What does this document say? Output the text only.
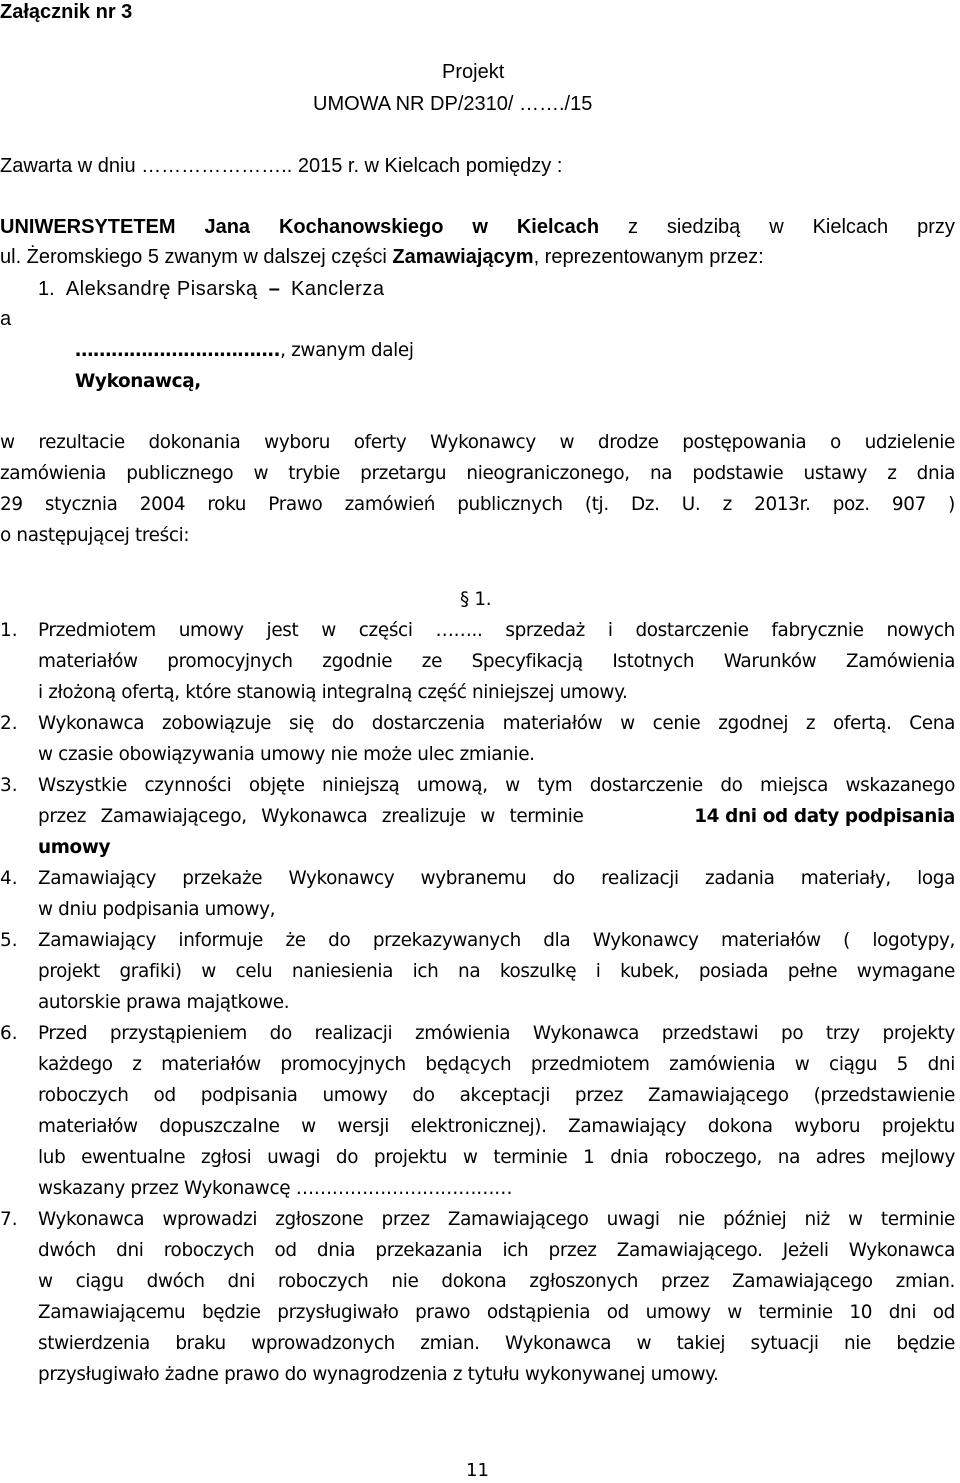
Załącznik nr 3
Projekt
UMOWA NR DP/2310/ ……./15
Zawarta w dniu ………………….. 2015 r. w Kielcach pomiędzy :
UNIWERSYTETEM Jana Kochanowskiego w Kielcach z siedzibą w Kielcach przy
ul. Żeromskiego 5 zwanym w dalszej części Zamawiającym, reprezentowanym przez:
1. Aleksandrę Pisarską – Kanclerza
a
……………………………., zwanym dalej
Wykonawcą,
w rezultacie dokonania wyboru oferty Wykonawcy w drodze postępowania o udzielenie
zamówienia publicznego w trybie przetargu nieograniczonego, na podstawie ustawy z dnia
29 stycznia 2004 roku Prawo zamówień publicznych (tj. Dz. U. z 2013r. poz. 907 )
o następującej treści:
§ 1.
1. Przedmiotem umowy jest w części …….. sprzedaż i dostarczenie fabrycznie nowych
materiałów promocyjnych zgodnie ze Specyfikacją Istotnych Warunków Zamówienia
i złożoną ofertą, które stanowią integralną część niniejszej umowy.
2. Wykonawca zobowiązuje się do dostarczenia materiałów w cenie zgodnej z ofertą. Cena
w czasie obowiązywania umowy nie może ulec zmianie.
3. Wszystkie czynności objęte niniejszą umową, w tym dostarczenie do miejsca wskazanego
przez Zamawiającego, Wykonawca zrealizuje w terminie	14 dni od daty podpisania
umowy
4. Zamawiający przekaże Wykonawcy wybranemu do realizacji zadania materiały, loga
w dniu podpisania umowy,
5. Zamawiający informuje że do przekazywanych dla Wykonawcy materiałów ( logotypy,
projekt grafiki) w celu naniesienia ich na koszulkę i kubek, posiada pełne wymagane
autorskie prawa majątkowe.
6. Przed przystąpieniem do realizacji zmówienia Wykonawca przedstawi po trzy projekty
każdego z materiałów promocyjnych będących przedmiotem zamówienia w ciągu 5 dni
roboczych od podpisania umowy do akceptacji przez Zamawiającego (przedstawienie
materiałów dopuszczalne w wersji elektronicznej). Zamawiający dokona wyboru projektu
lub ewentualne zgłosi uwagi do projektu w terminie 1 dnia roboczego, na adres mejlowy
wskazany przez Wykonawcę ………………………………
7. Wykonawca wprowadzi zgłoszone przez Zamawiającego uwagi nie później niż w terminie
dwóch dni roboczych od dnia przekazania ich przez Zamawiającego. Jeżeli Wykonawca
w ciągu dwóch dni roboczych nie dokona zgłoszonych przez Zamawiającego zmian.
Zamawiającemu będzie przysługiwało prawo odstąpienia od umowy w terminie 10 dni od
stwierdzenia braku wprowadzonych zmian. Wykonawca w takiej sytuacji nie będzie
przysługiwało żadne prawo do wynagrodzenia z tytułu wykonywanej umowy.
11
